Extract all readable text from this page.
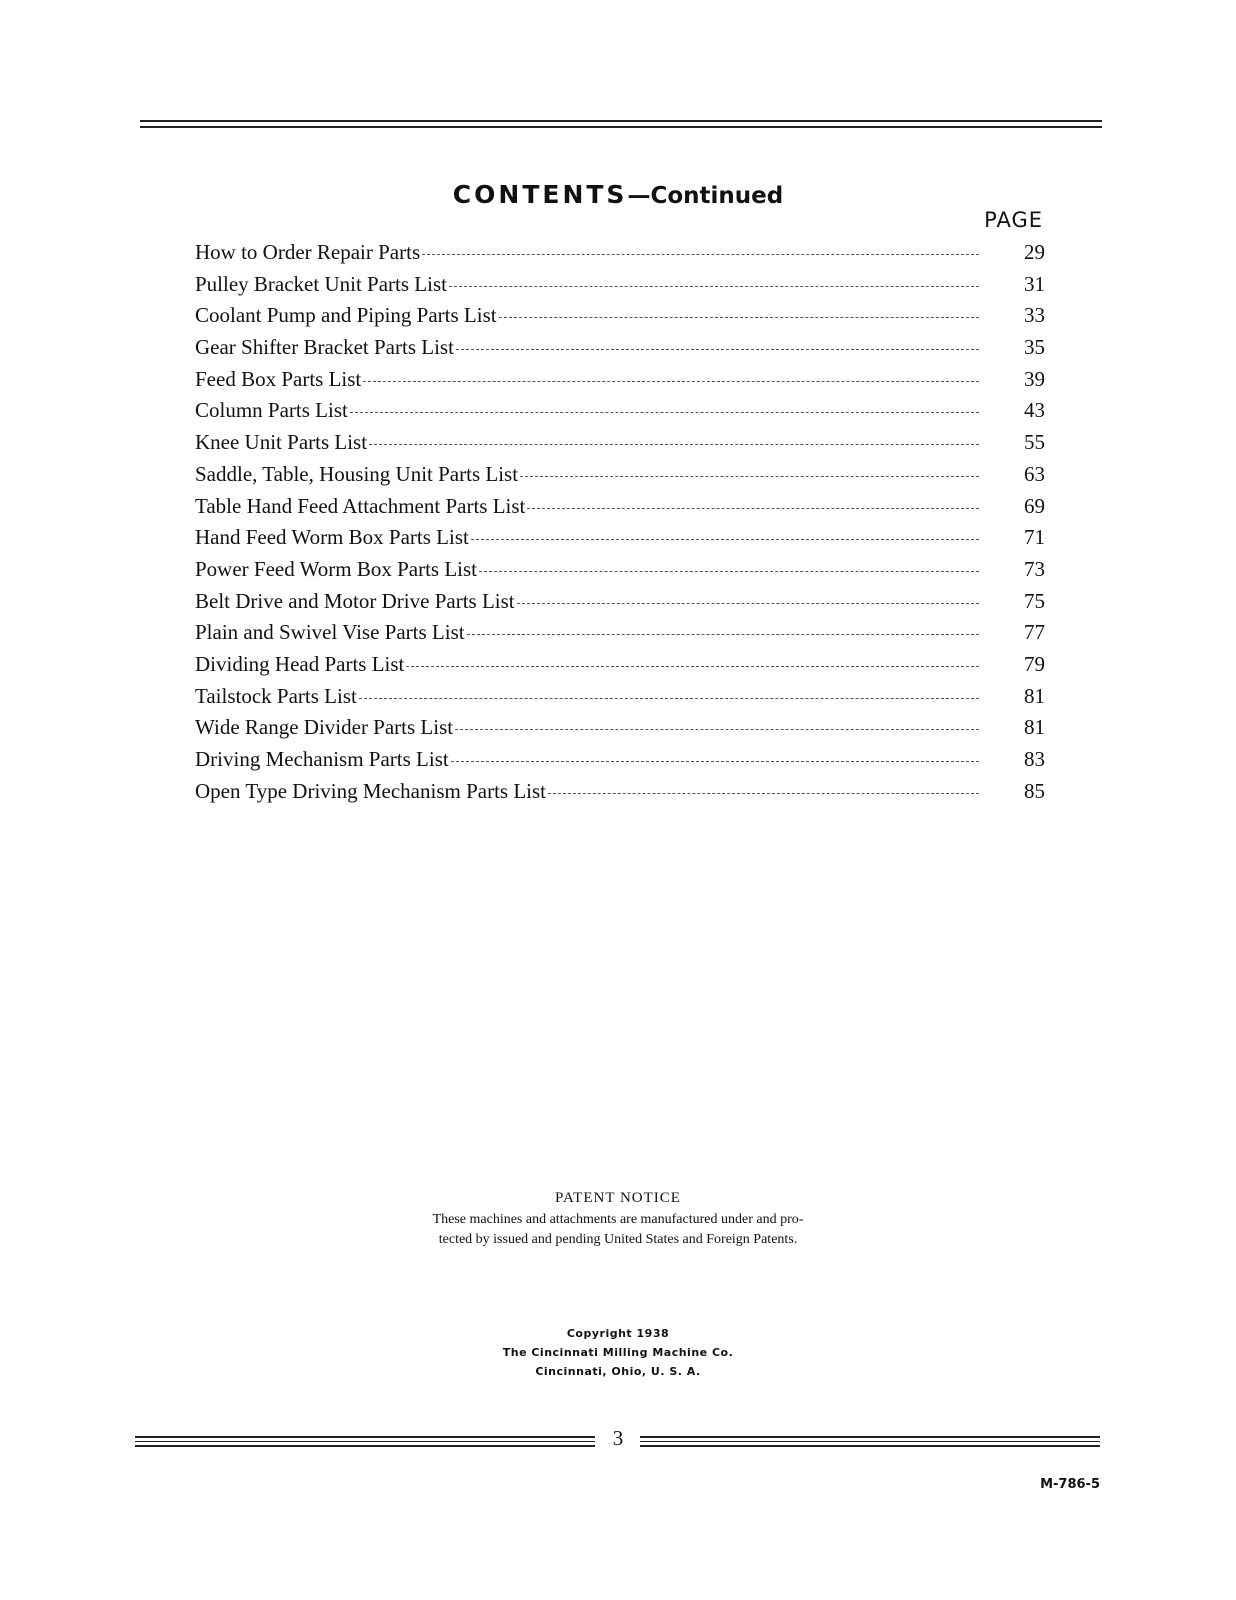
CONTENTS—Continued
PAGE
How to Order Repair Parts	29
Pulley Bracket Unit Parts List	31
Coolant Pump and Piping Parts List	33
Gear Shifter Bracket Parts List	35
Feed Box Parts List	39
Column Parts List	43
Knee Unit Parts List	55
Saddle, Table, Housing Unit Parts List	63
Table Hand Feed Attachment Parts List	69
Hand Feed Worm Box Parts List	71
Power Feed Worm Box Parts List	73
Belt Drive and Motor Drive Parts List	75
Plain and Swivel Vise Parts List	77
Dividing Head Parts List	79
Tailstock Parts List	81
Wide Range Divider Parts List	81
Driving Mechanism Parts List	83
Open Type Driving Mechanism Parts List	85
PATENT NOTICE
These machines and attachments are manufactured under and pro-
tected by issued and pending United States and Foreign Patents.
Copyright 1938
The Cincinnati Milling Machine Co.
Cincinnati, Ohio, U. S. A.
3
M-786-5
